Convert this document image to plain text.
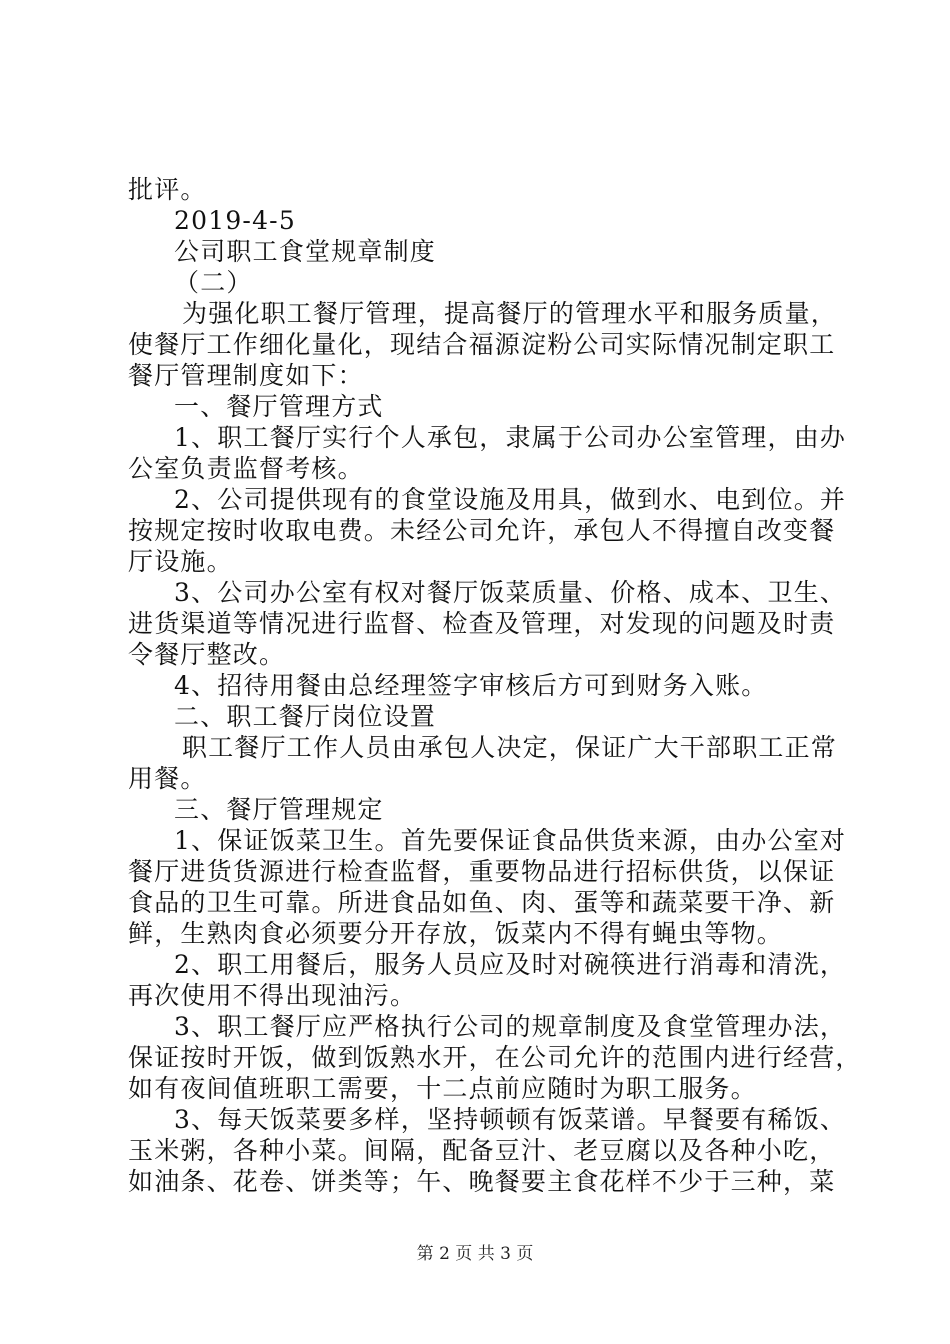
批评。
2019-4-5
公司职工食堂规章制度
（二）
为强化职工餐厅管理，提高餐厅的管理水平和服务质量，
使餐厅工作细化量化，现结合福源淀粉公司实际情况制定职工
餐厅管理制度如下：
一、餐厅管理方式
1、职工餐厅实行个人承包，隶属于公司办公室管理，由办
公室负责监督考核。
2、公司提供现有的食堂设施及用具，做到水、电到位。并
按规定按时收取电费。未经公司允许，承包人不得擅自改变餐
厅设施。
3、公司办公室有权对餐厅饭菜质量、价格、成本、卫生、
进货渠道等情况进行监督、检查及管理，对发现的问题及时责
令餐厅整改。
4、招待用餐由总经理签字审核后方可到财务入账。
二、职工餐厅岗位设置
职工餐厅工作人员由承包人决定，保证广大干部职工正常
用餐。
三、餐厅管理规定
1、保证饭菜卫生。首先要保证食品供货来源，由办公室对
餐厅进货货源进行检查监督，重要物品进行招标供货，以保证
食品的卫生可靠。所进食品如鱼、肉、蛋等和蔬菜要干净、新
鲜，生熟肉食必须要分开存放，饭菜内不得有蝇虫等物。
2、职工用餐后，服务人员应及时对碗筷进行消毒和清洗，
再次使用不得出现油污。
3、职工餐厅应严格执行公司的规章制度及食堂管理办法，
保证按时开饭，做到饭熟水开，在公司允许的范围内进行经营，
如有夜间值班职工需要，十二点前应随时为职工服务。
3、每天饭菜要多样，坚持顿顿有饭菜谱。早餐要有稀饭、
玉米粥，各种小菜。间隔，配备豆汁、老豆腐以及各种小吃，
如油条、花卷、饼类等；午、晚餐要主食花样不少于三种，菜
第 2 页 共 3 页
